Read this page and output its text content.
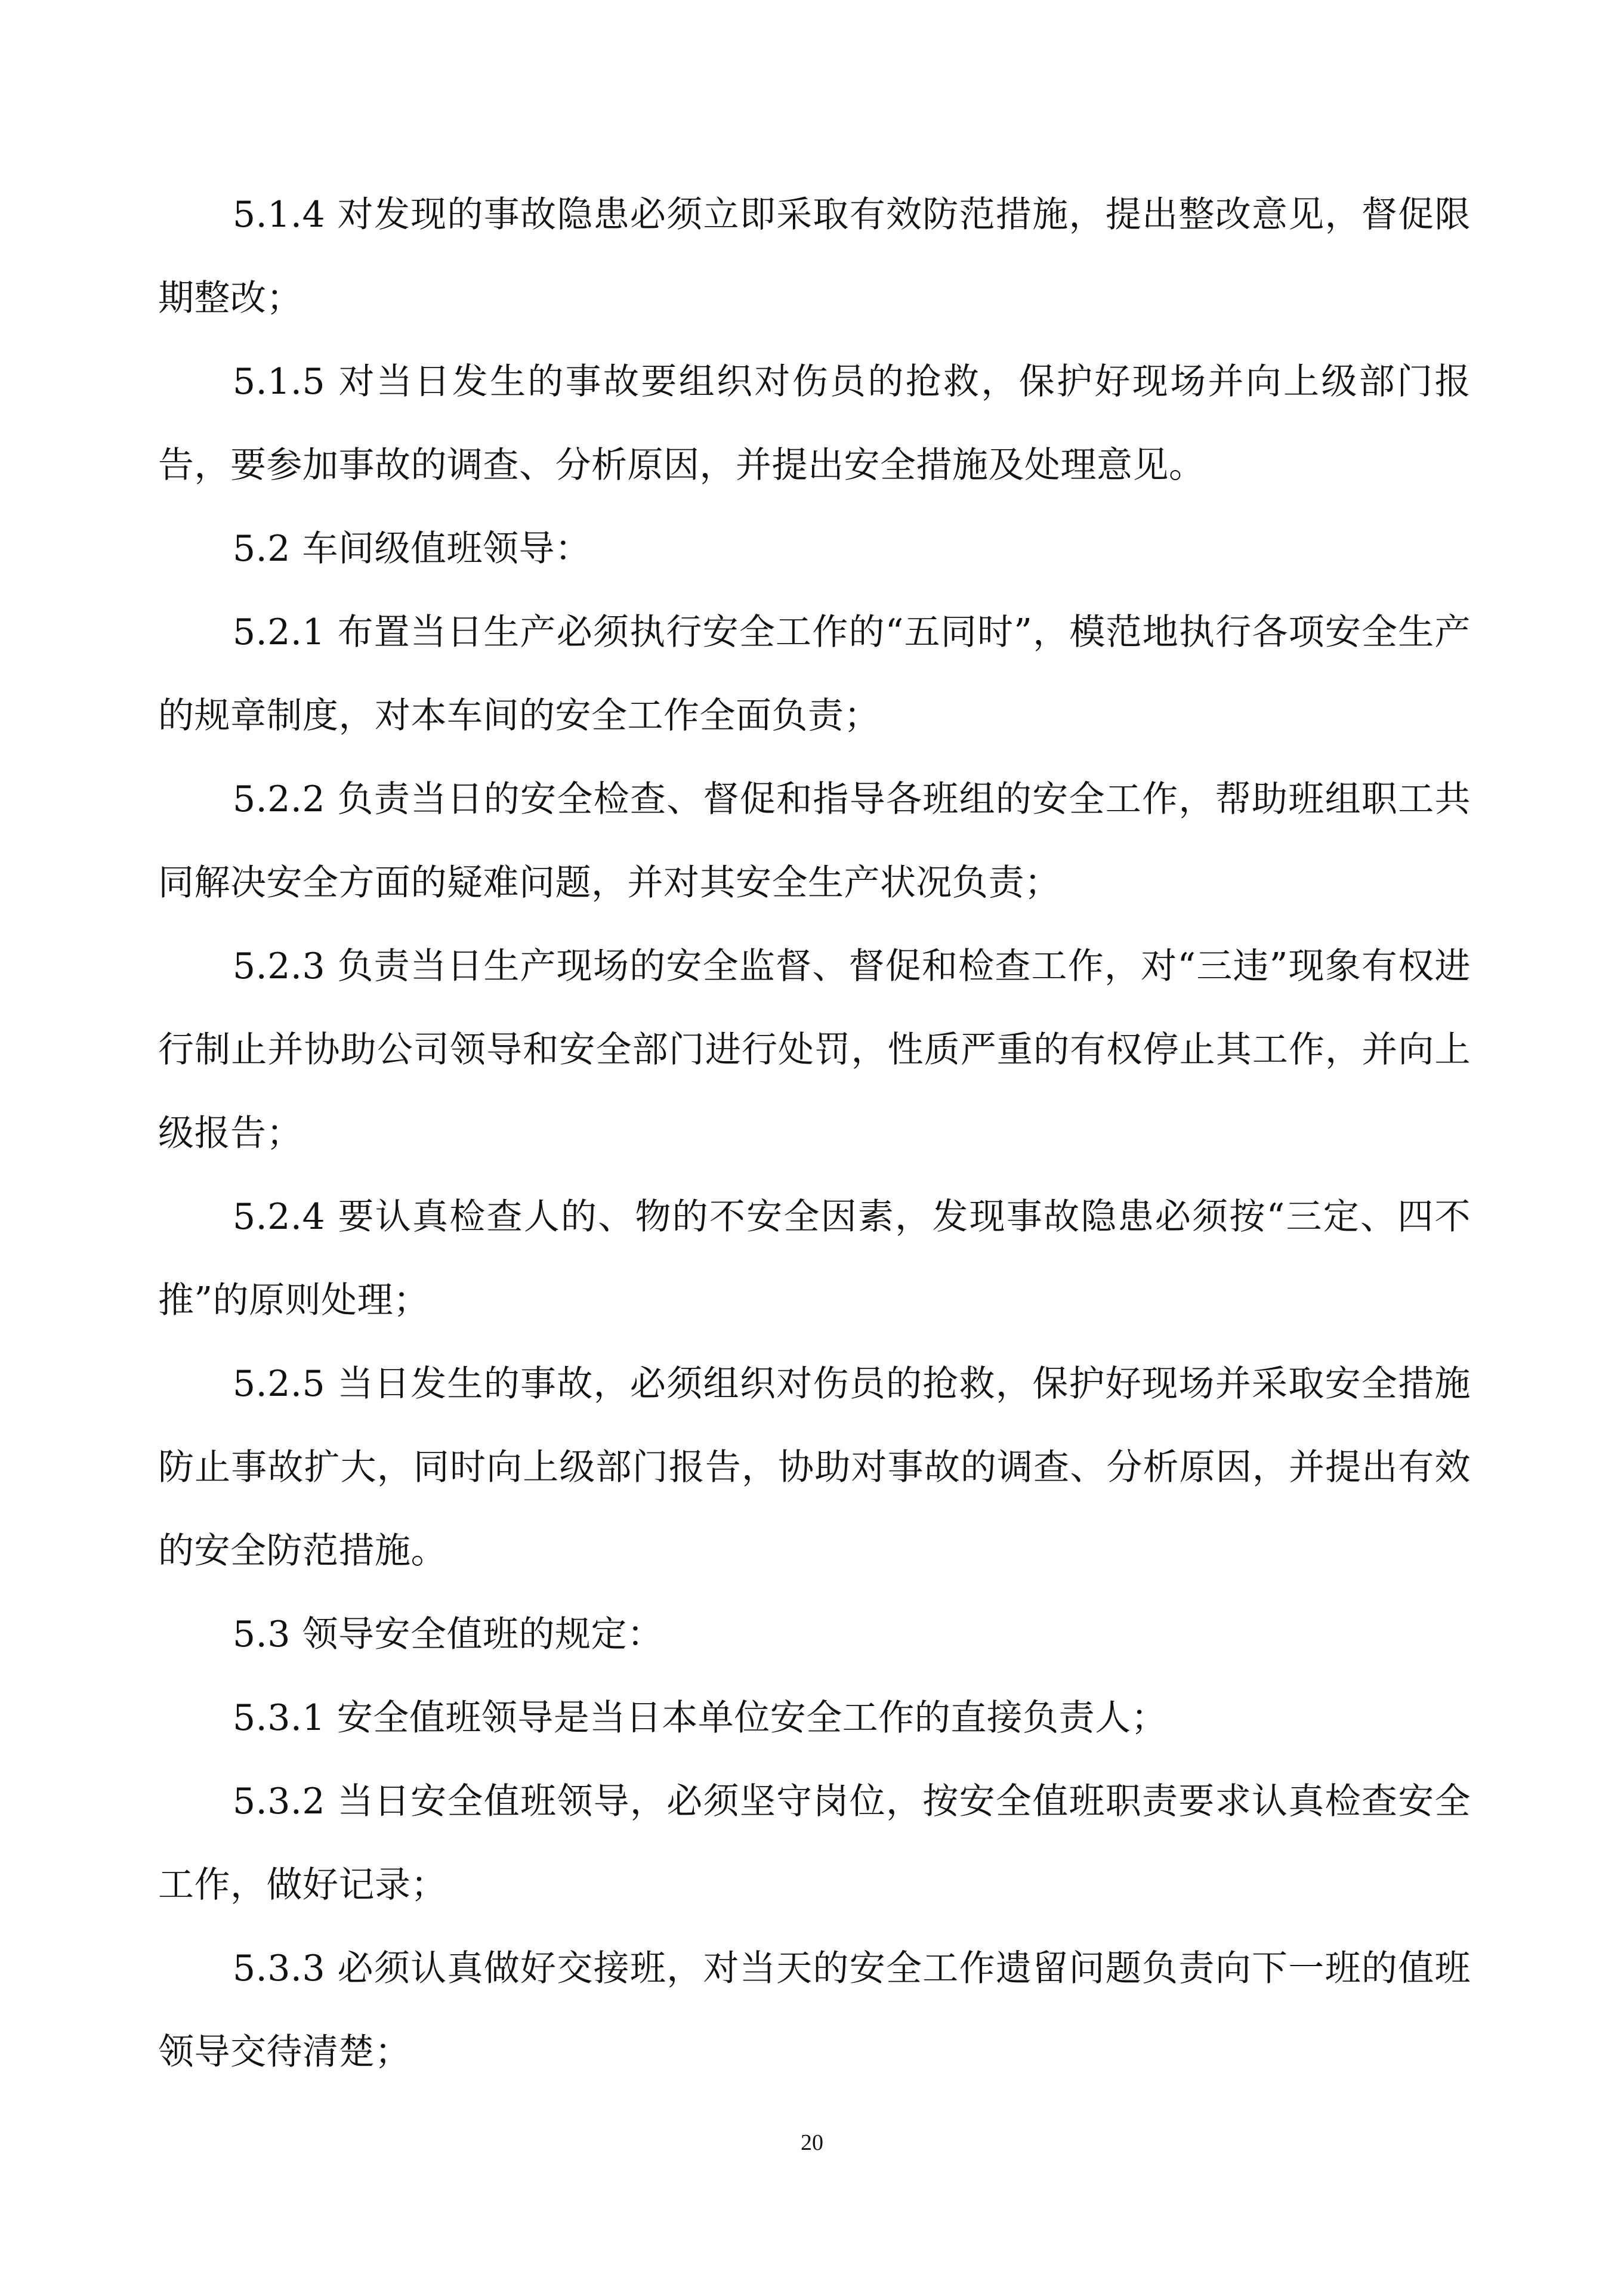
5.1.4 对发现的事故隐患必须立即采取有效防范措施，提出整改意见，督促限期整改；

5.1.5 对当日发生的事故要组织对伤员的抢救，保护好现场并向上级部门报告，要参加事故的调查、分析原因，并提出安全措施及处理意见。

5.2 车间级值班领导：

5.2.1 布置当日生产必须执行安全工作的“五同时”，模范地执行各项安全生产的规章制度，对本车间的安全工作全面负责；

5.2.2 负责当日的安全检查、督促和指导各班组的安全工作，帮助班组职工共同解决安全方面的疑难问题，并对其安全生产状况负责；

5.2.3 负责当日生产现场的安全监督、督促和检查工作，对“三违”现象有权进行制止并协助公司领导和安全部门进行处罚，性质严重的有权停止其工作，并向上级报告；

5.2.4 要认真检查人的、物的不安全因素，发现事故隐患必须按“三定、四不推”的原则处理；

5.2.5 当日发生的事故，必须组织对伤员的抢救，保护好现场并采取安全措施防止事故扩大，同时向上级部门报告，协助对事故的调查、分析原因，并提出有效的安全防范措施。

5.3 领导安全值班的规定：

5.3.1 安全值班领导是当日本单位安全工作的直接负责人；

5.3.2 当日安全值班领导，必须坚守岗位，按安全值班职责要求认真检查安全工作，做好记录；

5.3.3 必须认真做好交接班，对当天的安全工作遗留问题负责向下一班的值班领导交待清楚；

20
